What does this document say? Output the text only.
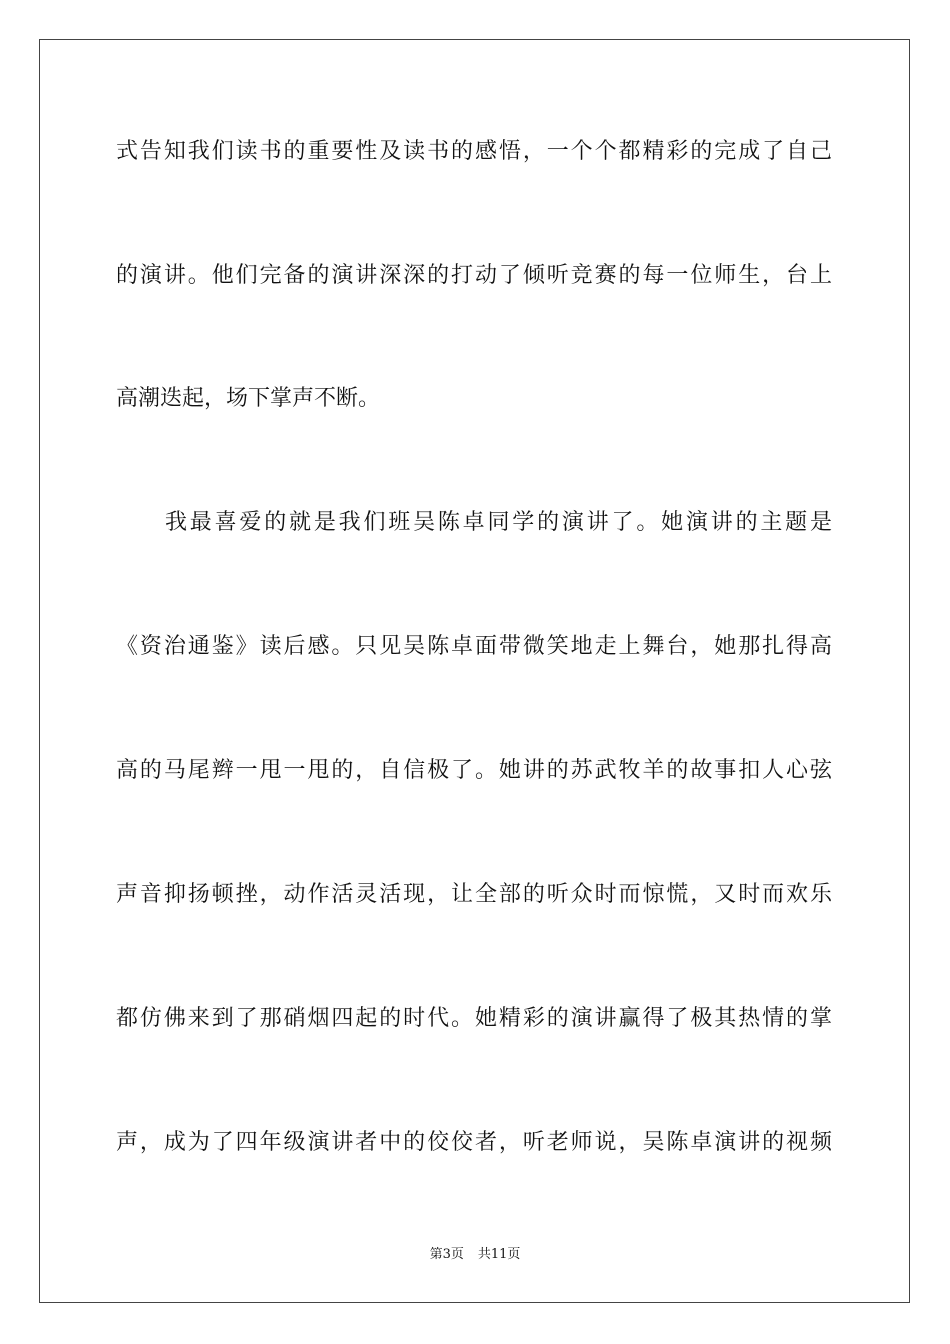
式告知我们读书的重要性及读书的感悟，一个个都精彩的完成了自己
的演讲。他们完备的演讲深深的打动了倾听竞赛的每一位师生，台上
高潮迭起，场下掌声不断。
我最喜爱的就是我们班吴陈卓同学的演讲了。她演讲的主题是
《资治通鉴》读后感。只见吴陈卓面带微笑地走上舞台，她那扎得高
高的马尾辫一甩一甩的，自信极了。她讲的苏武牧羊的故事扣人心弦
声音抑扬顿挫，动作活灵活现，让全部的听众时而惊慌，又时而欢乐
都仿佛来到了那硝烟四起的时代。她精彩的演讲赢得了极其热情的掌
声，成为了四年级演讲者中的佼佼者，听老师说，吴陈卓演讲的视频
第3页 共11页
